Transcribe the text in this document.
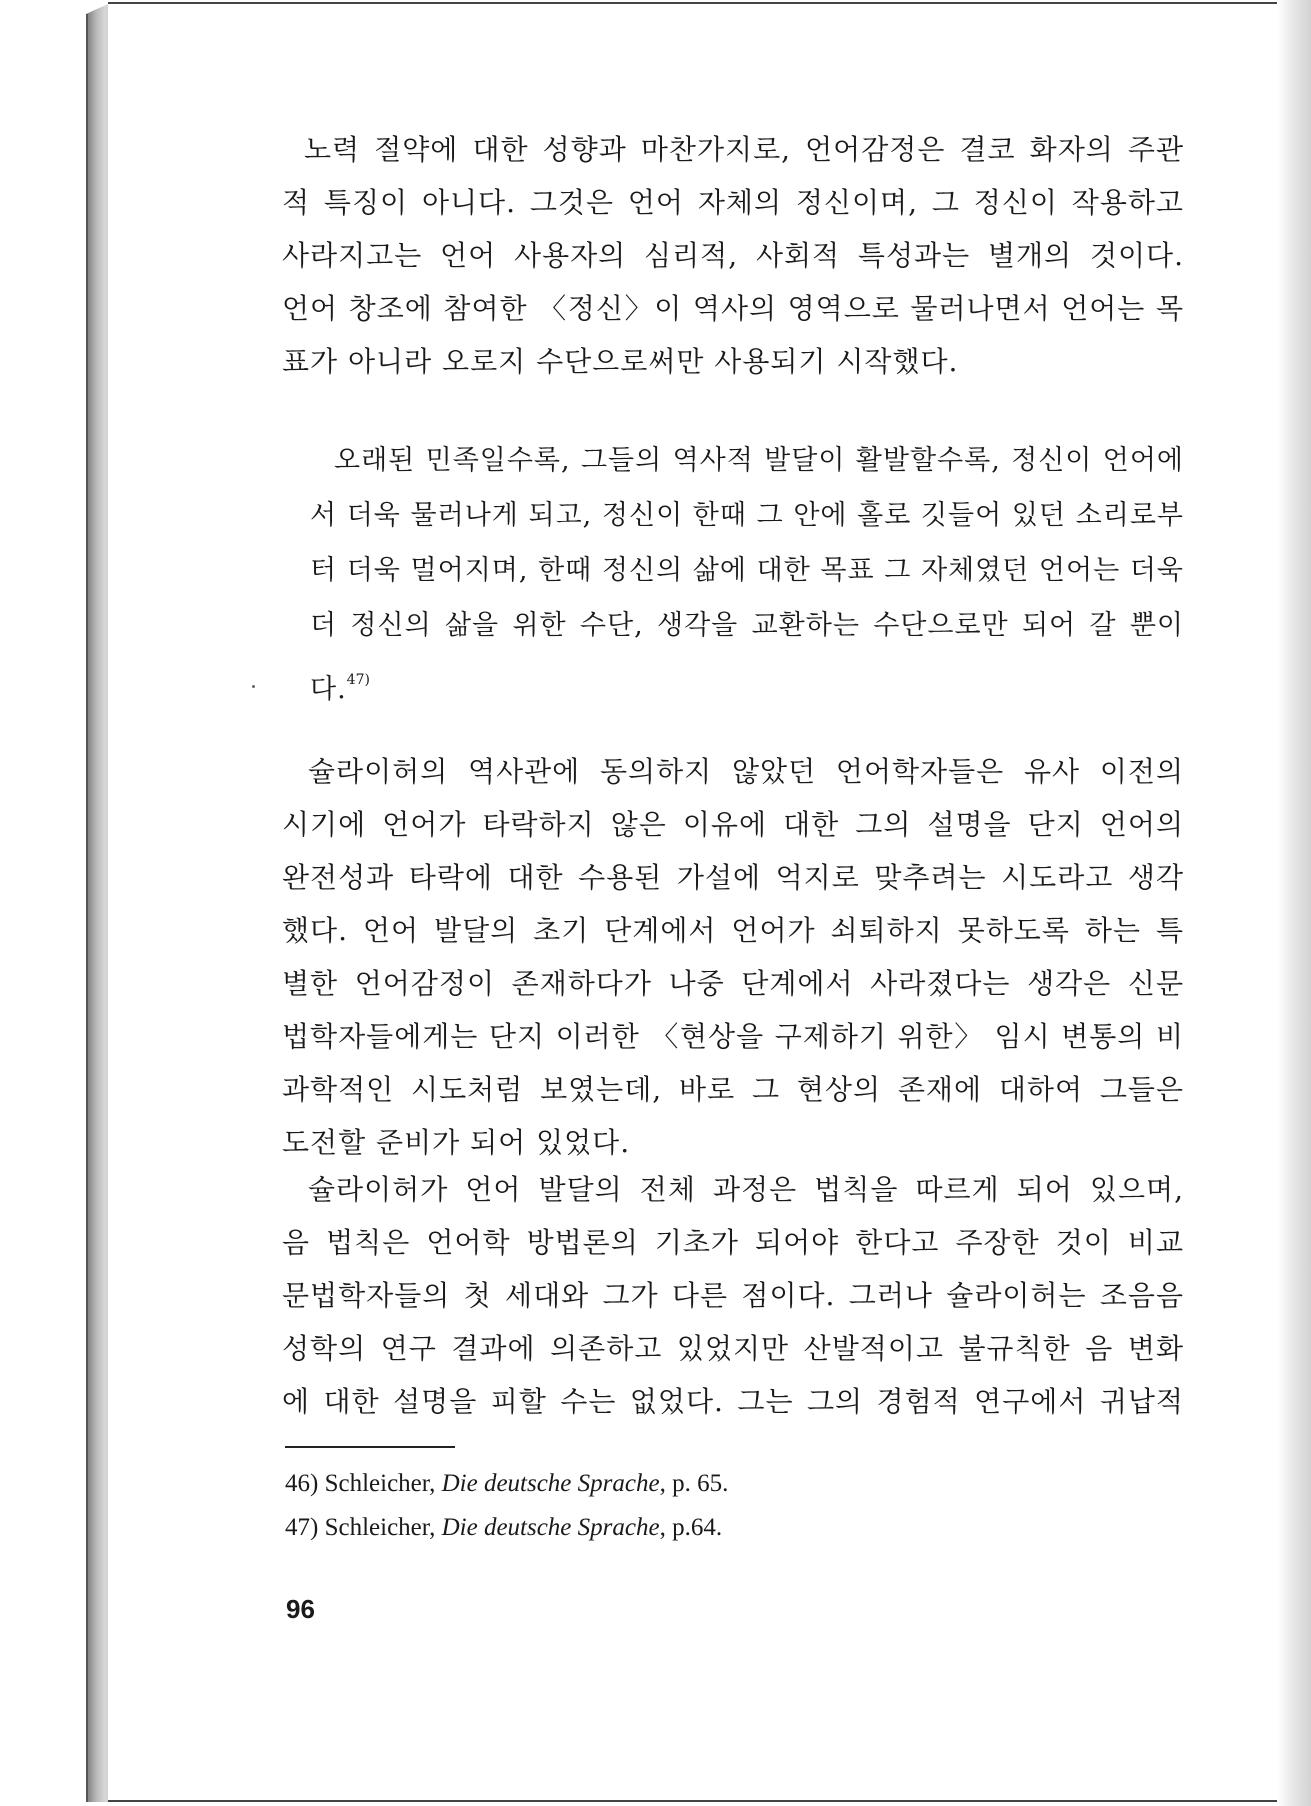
노력 절약에 대한 성향과 마찬가지로, 언어감정은 결코 화자의 주관
적 특징이 아니다. 그것은 언어 자체의 정신이며, 그 정신이 작용하고
사라지고는 언어 사용자의 심리적, 사회적 특성과는 별개의 것이다.
언어 창조에 참여한 〈정신〉이 역사의 영역으로 물러나면서 언어는 목
표가 아니라 오로지 수단으로써만 사용되기 시작했다.
오래된 민족일수록, 그들의 역사적 발달이 활발할수록, 정신이 언어에
서 더욱 물러나게 되고, 정신이 한때 그 안에 홀로 깃들어 있던 소리로부
터 더욱 멀어지며, 한때 정신의 삶에 대한 목표 그 자체였던 언어는 더욱
더 정신의 삶을 위한 수단, 생각을 교환하는 수단으로만 되어 갈 뿐이
다.$^{47)}$
슐라이허의 역사관에 동의하지 않았던 언어학자들은 유사 이전의
시기에 언어가 타락하지 않은 이유에 대한 그의 설명을 단지 언어의
완전성과 타락에 대한 수용된 가설에 억지로 맞추려는 시도라고 생각
했다. 언어 발달의 초기 단계에서 언어가 쇠퇴하지 못하도록 하는 특
별한 언어감정이 존재하다가 나중 단계에서 사라졌다는 생각은 신문
법학자들에게는 단지 이러한 〈현상을 구제하기 위한〉 임시 변통의 비
과학적인 시도처럼 보였는데, 바로 그 현상의 존재에 대하여 그들은
도전할 준비가 되어 있었다.
슐라이허가 언어 발달의 전체 과정은 법칙을 따르게 되어 있으며,
음 법칙은 언어학 방법론의 기초가 되어야 한다고 주장한 것이 비교
문법학자들의 첫 세대와 그가 다른 점이다. 그러나 슐라이허는 조음음
성학의 연구 결과에 의존하고 있었지만 산발적이고 불규칙한 음 변화
에 대한 설명을 피할 수는 없었다. 그는 그의 경험적 연구에서 귀납적
46) Schleicher, Die deutsche Sprache, p. 65.
47) Schleicher, Die deutsche Sprache, p.64.
96
